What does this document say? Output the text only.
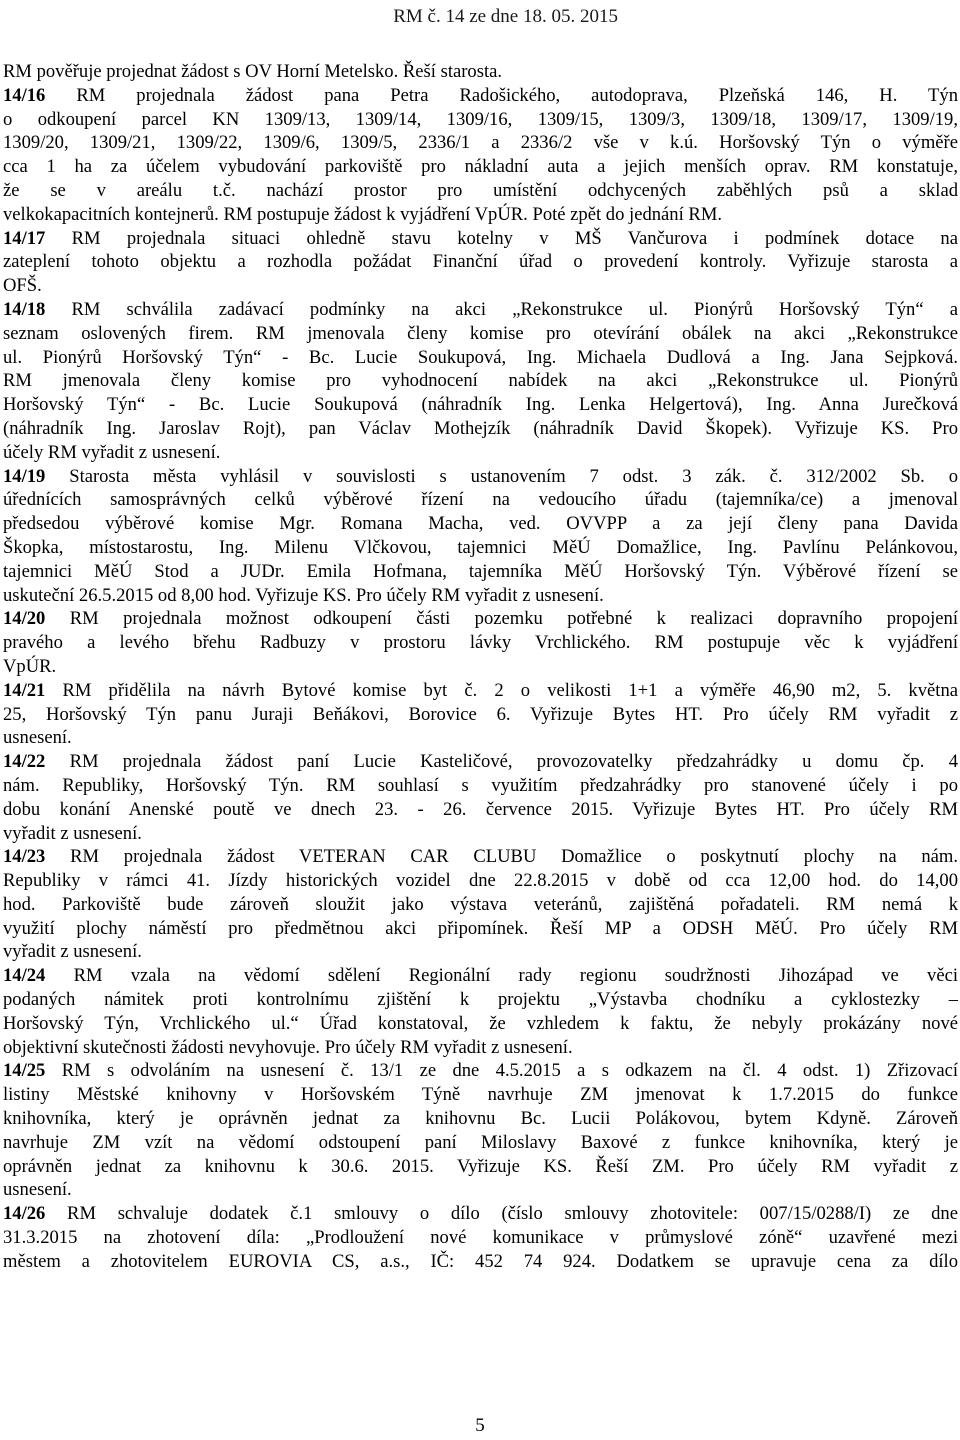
RM č. 14 ze dne 18. 05. 2015
RM pověřuje projednat žádost s OV Horní Metelsko. Řeší starosta.
14/16 RM projednala žádost pana Petra Radošického, autodoprava, Plzeňská 146, H. Týn
o odkoupení parcel KN 1309/13, 1309/14, 1309/16, 1309/15, 1309/3, 1309/18, 1309/17, 1309/19,
1309/20, 1309/21, 1309/22, 1309/6, 1309/5, 2336/1 a 2336/2 vše v k.ú. Horšovský Týn o výměře
cca 1 ha za účelem vybudování parkoviště pro nákladní auta a jejich menších oprav. RM konstatuje,
že se v areálu t.č. nachází prostor pro umístění odchycených zaběhlých psů a sklad
velkokapacitních kontejnerů. RM postupuje žádost k vyjádření VpÚR. Poté zpět do jednání RM.
14/17 RM projednala situaci ohledně stavu kotelny v MŠ Vančurova i podmínek dotace na
zateplení tohoto objektu a rozhodla požádat Finanční úřad o provedení kontroly. Vyřizuje starosta a
OFŠ.
14/18 RM schválila zadávací podmínky na akci „Rekonstrukce ul. Pionýrů Horšovský Týn“ a
seznam oslovených firem. RM jmenovala členy komise pro otevírání obálek na akci „Rekonstrukce
ul. Pionýrů Horšovský Týn“ - Bc. Lucie Soukupová, Ing. Michaela Dudlová a Ing. Jana Sejpková.
RM jmenovala členy komise pro vyhodnocení nabídek na akci „Rekonstrukce ul. Pionýrů
Horšovský Týn“ - Bc. Lucie Soukupová (náhradník Ing. Lenka Helgertová), Ing. Anna Jurečková
(náhradník Ing. Jaroslav Rojt), pan Václav Mothejzík (náhradník David Škopek). Vyřizuje KS. Pro
účely RM vyřadit z usnesení.
14/19 Starosta města vyhlásil v souvislosti s ustanovením 7 odst. 3 zák. č. 312/2002 Sb. o
úřednících samosprávných celků výběrové řízení na vedoucího úřadu (tajemníka/ce) a jmenoval
předsedou výběrové komise Mgr. Romana Macha, ved. OVVPP a za její členy pana Davida
Škopka, místostarostu, Ing. Milenu Vlčkovou, tajemnici MěÚ Domažlice, Ing. Pavlínu Pelánkovou,
tajemnici MěÚ Stod a JUDr. Emila Hofmana, tajemníka MěÚ Horšovský Týn. Výběrové řízení se
uskuteční 26.5.2015 od 8,00 hod. Vyřizuje KS. Pro účely RM vyřadit z usnesení.
14/20 RM projednala možnost odkoupení části pozemku potřebné k realizaci dopravního propojení
pravého a levého břehu Radbuzy v prostoru lávky Vrchlického. RM postupuje věc k vyjádření
VpÚR.
14/21 RM přidělila na návrh Bytové komise byt č. 2 o velikosti 1+1 a výměře 46,90 m2, 5. května
25, Horšovský Týn panu Juraji Beňákovi, Borovice 6. Vyřizuje Bytes HT. Pro účely RM vyřadit z
usnesení.
14/22 RM projednala žádost paní Lucie Kasteličové, provozovatelky předzahrádky u domu čp. 4
nám. Republiky, Horšovský Týn. RM souhlasí s využitím předzahrádky pro stanovené účely i po
dobu konání Anenské poutě ve dnech 23. - 26. července 2015. Vyřizuje Bytes HT. Pro účely RM
vyřadit z usnesení.
14/23 RM projednala žádost VETERAN CAR CLUBU Domažlice o poskytnutí plochy na nám.
Republiky v rámci 41. Jízdy historických vozidel dne 22.8.2015 v době od cca 12,00 hod. do 14,00
hod. Parkoviště bude zároveň sloužit jako výstava veteránů, zajištěná pořadateli. RM nemá k
využití plochy náměstí pro předmětnou akci připomínek. Řeší MP a ODSH MěÚ. Pro účely RM
vyřadit z usnesení.
14/24 RM vzala na vědomí sdělení Regionální rady regionu soudržnosti Jihozápad ve věci
podaných námitek proti kontrolnímu zjištění k projektu „Výstavba chodníku a cyklostezky –
Horšovský Týn, Vrchlického ul.“ Úřad konstatoval, že vzhledem k faktu, že nebyly prokázány nové
objektivní skutečnosti žádosti nevyhovuje. Pro účely RM vyřadit z usnesení.
14/25 RM s odvoláním na usnesení č. 13/1 ze dne 4.5.2015 a s odkazem na čl. 4 odst. 1) Zřizovací
listiny Městské knihovny v Horšovském Týně navrhuje ZM jmenovat k 1.7.2015 do funkce
knihovníka, který je oprávněn jednat za knihovnu Bc. Lucii Polákovou, bytem Kdyně. Zároveň
navrhuje ZM vzít na vědomí odstoupení paní Miloslavy Baxové z funkce knihovníka, který je
oprávněn jednat za knihovnu k 30.6. 2015. Vyřizuje KS. Řeší ZM. Pro účely RM vyřadit z
usnesení.
14/26 RM schvaluje dodatek č.1 smlouvy o dílo (číslo smlouvy zhotovitele: 007/15/0288/I) ze dne
31.3.2015 na zhotovení díla: „Prodloužení nové komunikace v průmyslové zóně“ uzavřené mezi
městem a zhotovitelem EUROVIA CS, a.s., IČ: 452 74 924. Dodatkem se upravuje cena za dílo
5
